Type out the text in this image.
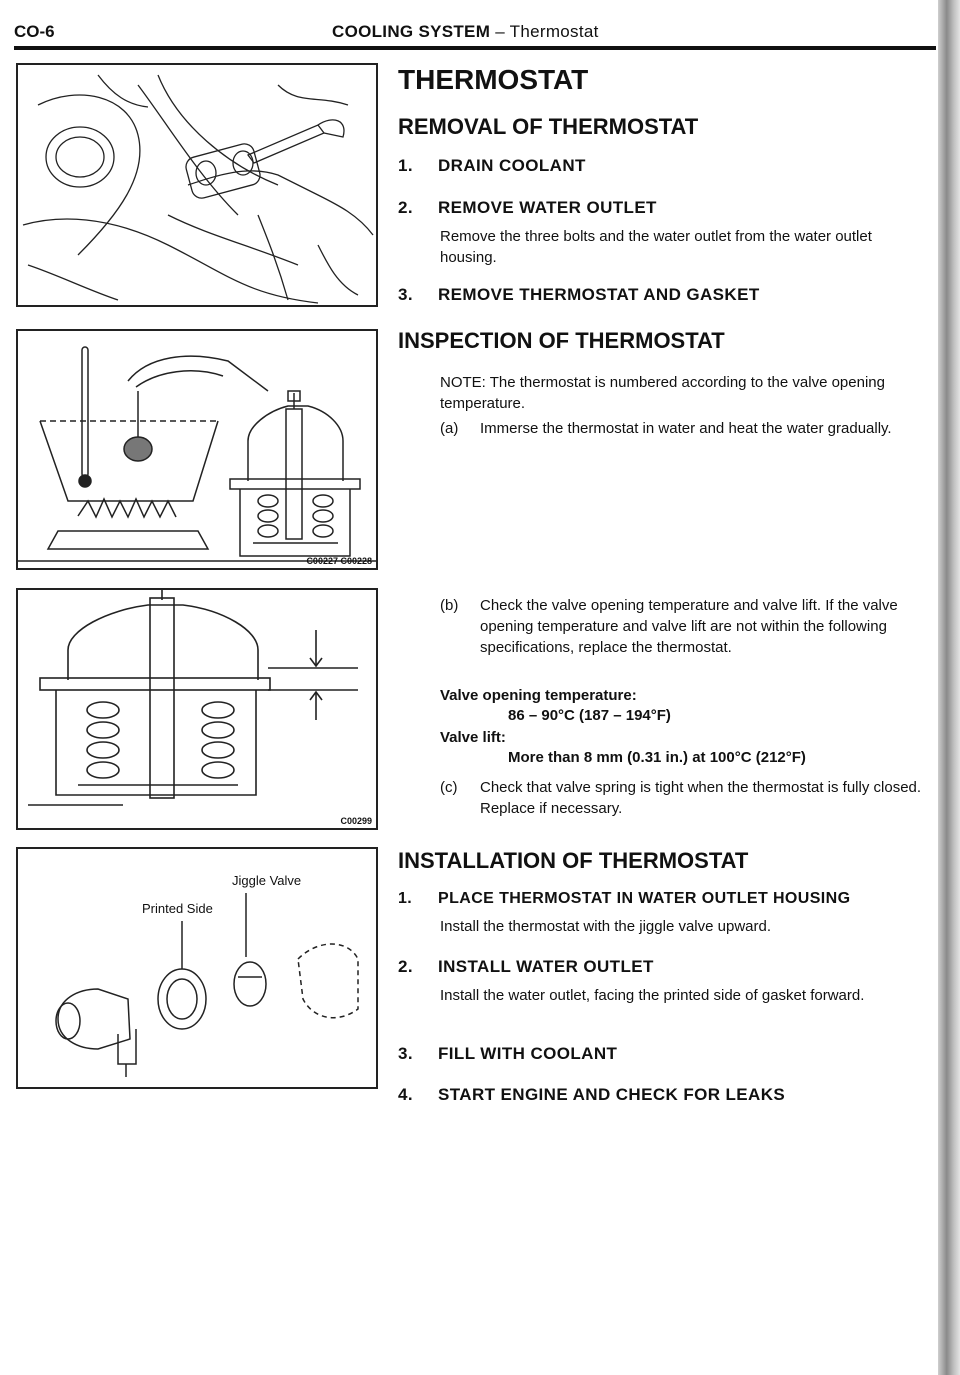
CO-6	COOLING SYSTEM – Thermostat
C00227 C00228
C00299
Jiggle Valve
Printed Side
THERMOSTAT
REMOVAL OF THERMOSTAT
1. DRAIN COOLANT
2. REMOVE WATER OUTLET
Remove the three bolts and the water outlet from the water outlet housing.
3. REMOVE THERMOSTAT AND GASKET
INSPECTION OF THERMOSTAT
NOTE: The thermostat is numbered according to the valve opening temperature.
(a) Immerse the thermostat in water and heat the water gradually.
(b) Check the valve opening temperature and valve lift. If the valve opening temperature and valve lift are not within the following specifications, replace the thermostat.
Valve opening temperature:
86 – 90°C (187 – 194°F)
Valve lift:
More than 8 mm (0.31 in.) at 100°C (212°F)
(c) Check that valve spring is tight when the thermostat is fully closed. Replace if necessary.
INSTALLATION OF THERMOSTAT
1. PLACE THERMOSTAT IN WATER OUTLET HOUSING
Install the thermostat with the jiggle valve upward.
2. INSTALL WATER OUTLET
Install the water outlet, facing the printed side of gasket forward.
3. FILL WITH COOLANT
4. START ENGINE AND CHECK FOR LEAKS
